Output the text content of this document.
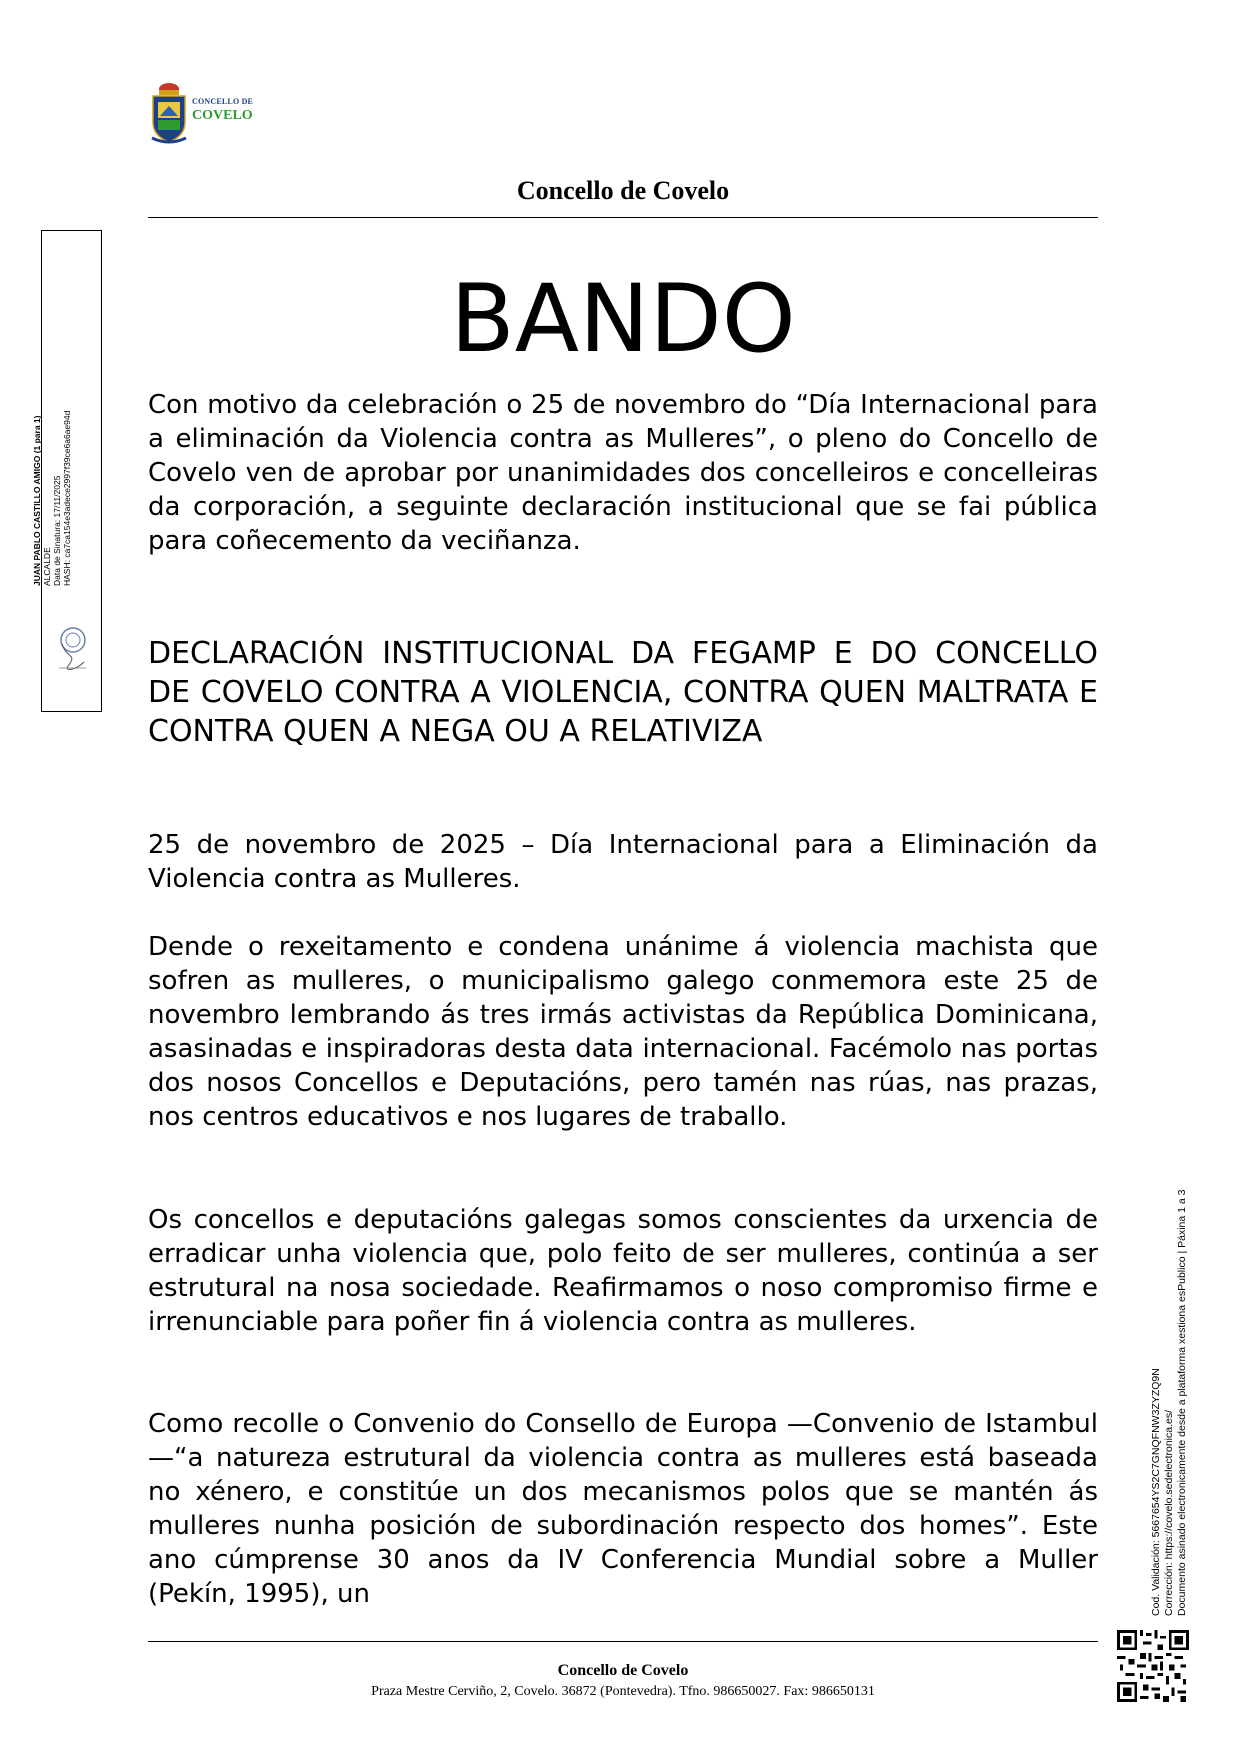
CONCELLO DE
COVELO
Concello de Covelo
BANDO

Con motivo da celebración o 25 de novembro do “Día Internacional para a eliminación da Violencia contra as Mulleres”, o pleno do Concello de Covelo ven de aprobar por unanimidades dos concelleiros e concelleiras da corporación, a seguinte declaración institucional que se fai pública para coñecemento da veciñanza.

DECLARACIÓN INSTITUCIONAL DA FEGAMP E DO CONCELLO DE COVELO CONTRA A VIOLENCIA, CONTRA QUEN MALTRATA E CONTRA QUEN A NEGA OU A RELATIVIZA

25 de novembro de 2025 – Día Internacional para a Eliminación da Violencia contra as Mulleres.

Dende o rexeitamento e condena unánime á violencia machista que sofren as mulleres, o municipalismo galego conmemora este 25 de novembro lembrando ás tres irmás activistas da República Dominicana, asasinadas e inspiradoras desta data internacional. Facémolo nas portas dos nosos Concellos e Deputacións, pero tamén nas rúas, nas prazas, nos centros educativos e nos lugares de traballo.

Os concellos e deputacións galegas somos conscientes da urxencia de erradicar unha violencia que, polo feito de ser mulleres, continúa a ser estrutural na nosa sociedade. Reafirmamos o noso compromiso firme e irrenunciable para poñer fin á violencia contra as mulleres.

Como recolle o Convenio do Consello de Europa —Convenio de Istambul —“a natureza estrutural da violencia contra as mulleres está baseada no xénero, e constitúe un dos mecanismos polos que se mantén ás mulleres nunha posición de subordinación respecto dos homes”. Este ano cúmprense 30 anos da IV Conferencia Mundial sobre a Muller (Pekín, 1995), un

Concello de Covelo
Praza Mestre Cerviño, 2, Covelo. 36872 (Pontevedra). Tfno. 986650027. Fax: 986650131
JUAN PABLO CASTILLO AMIGO (1 para 1) ALCALDE Data de Sinatura: 17/11/2025 HASH: ca7ca154e3adece2997f39ce6a6ae94d
Cod. Validación: 5667654YS2C7GNQFNW3ZYZQ9N Corrección: https://covelo.sedelectronica.es/ Documento asinado electronicamente desde a plataforma xestiona esPublico | Páxina 1 a 3
